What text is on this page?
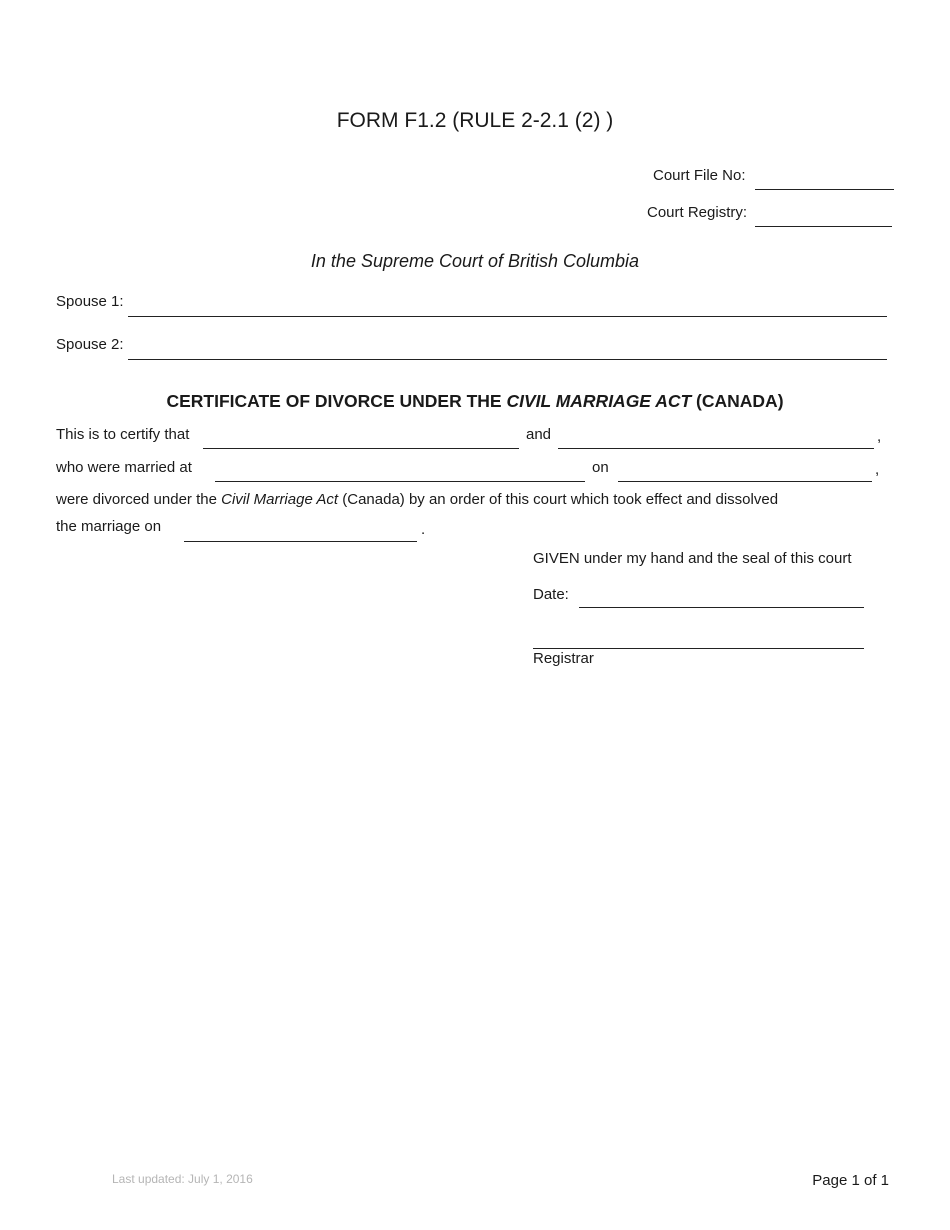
FORM F1.2 (RULE 2-2.1 (2) )
Court File No:
Court Registry:
In the Supreme Court of British Columbia
Spouse 1:
Spouse 2:
CERTIFICATE OF DIVORCE UNDER THE CIVIL MARRIAGE ACT (CANADA)
This is to certify that	and	,
who were married at	on	,
were divorced under the Civil Marriage Act (Canada) by an order of this court which took effect and dissolved
the marriage on	.
GIVEN under my hand and the seal of this court
Date:
Registrar
Last updated: July 1, 2016	Page 1 of 1
